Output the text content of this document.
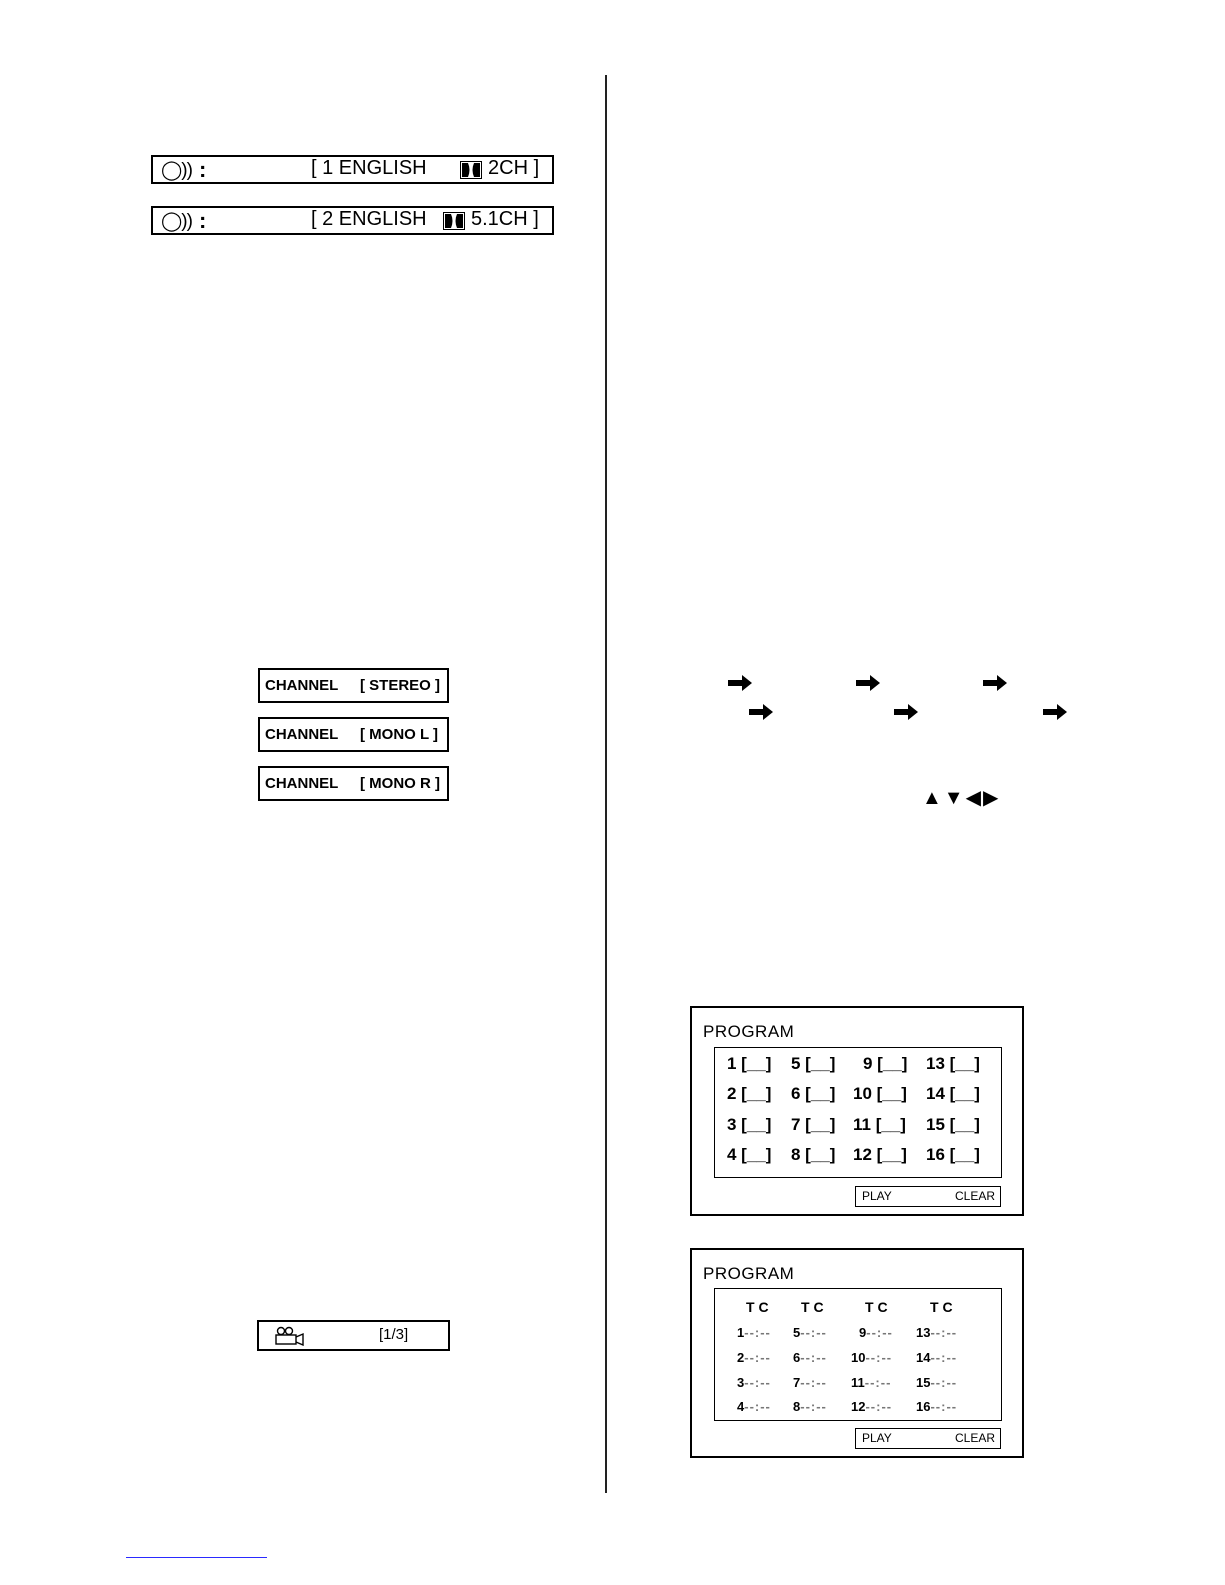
◯)) :	[ 1 ENGLISH	2CH ]
◯)) :	[ 2 ENGLISH 5.1CH ]
CHANNEL [ STEREO ]
CHANNEL [ MONO L ]
CHANNEL [ MONO R ]
[1/3]
▲▼◀▶
PROGRAM
1 [__]	5 [__]	9 [__]	13 [__]
2 [__]	6 [__]	10 [__]	14 [__]
3 [__]	7 [__]	11 [__]	15 [__]
4 [__]	8 [__]	12 [__]	16 [__]
PLAY	CLEAR
PROGRAM
T C T C	T C	T C
1--:-- 5--:-- 9--:-- 13--:--
2--:-- 6--:-- 10--:-- 14--:--
3--:-- 7--:-- 11--:-- 15--:--
4--:-- 8--:-- 12--:-- 16--:--
PLAY	CLEAR
